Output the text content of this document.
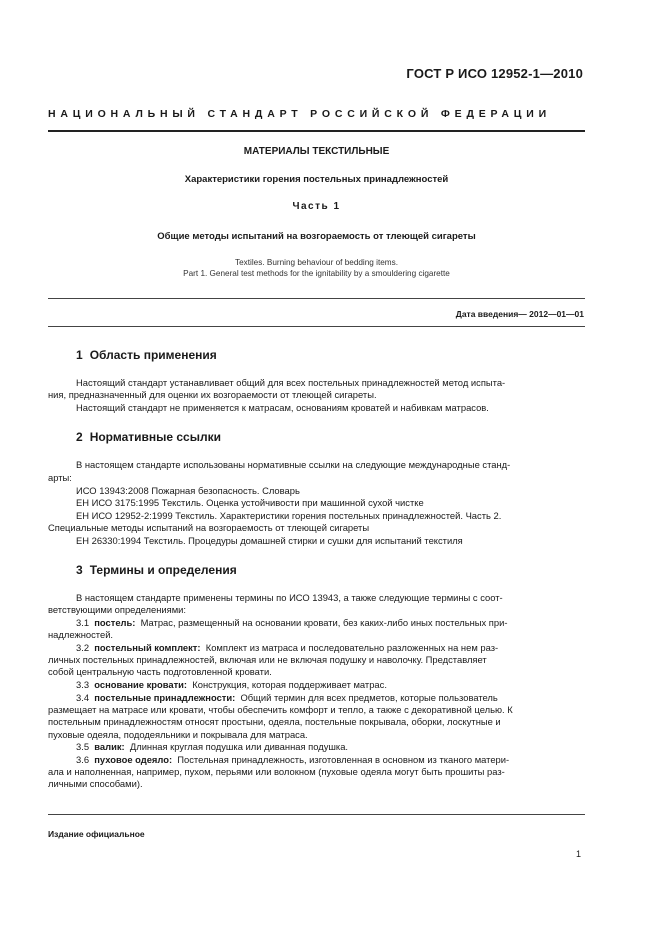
ГОСТ Р ИСО 12952-1—2010
НАЦИОНАЛЬНЫЙ СТАНДАРТ РОССИЙСКОЙ ФЕДЕРАЦИИ
МАТЕРИАЛЫ ТЕКСТИЛЬНЫЕ
Характеристики горения постельных принадлежностей
Часть 1
Общие методы испытаний на возгораемость от тлеющей сигареты
Textiles. Burning behaviour of bedding items.
Part 1. General test methods for the ignitability by a smouldering cigarette
Дата введения— 2012—01—01
1 Область применения
Настоящий стандарт устанавливает общий для всех постельных принадлежностей метод испыта-
ния, предназначенный для оценки их возгораемости от тлеющей сигареты.
Настоящий стандарт не применяется к матрасам, основаниям кроватей и набивкам матрасов.
2 Нормативные ссылки
В настоящем стандарте использованы нормативные ссылки на следующие международные станд-
арты:
ИСО 13943:2008 Пожарная безопасность. Словарь
ЕН ИСО 3175:1995 Текстиль. Оценка устойчивости при машинной сухой чистке
ЕН ИСО 12952-2:1999 Текстиль. Характеристики горения постельных принадлежностей. Часть 2.
Специальные методы испытаний на возгораемость от тлеющей сигареты
ЕН 26330:1994 Текстиль. Процедуры домашней стирки и сушки для испытаний текстиля
3 Термины и определения
В настоящем стандарте применены термины по ИСО 13943, а также следующие термины с соот-
ветствующими определениями:
3.1 постель: Матрас, размещенный на основании кровати, без каких-либо иных постельных при-
надлежностей.
3.2 постельный комплект: Комплект из матраса и последовательно разложенных на нем раз-
личных постельных принадлежностей, включая или не включая подушку и наволочку. Представляет
собой центральную часть подготовленной кровати.
3.3 основание кровати: Конструкция, которая поддерживает матрас.
3.4 постельные принадлежности: Общий термин для всех предметов, которые пользователь
размещает на матрасе или кровати, чтобы обеспечить комфорт и тепло, а также с декоративной целью. К
постельным принадлежностям относят простыни, одеяла, постельные покрывала, оборки, лоскутные и
пуховые одеяла, пододеяльники и покрывала для матраса.
3.5 валик: Длинная круглая подушка или диванная подушка.
3.6 пуховое одеяло: Постельная принадлежность, изготовленная в основном из тканого матери-
ала и наполненная, например, пухом, перьями или волокном (пуховые одеяла могут быть прошиты раз-
личными способами).
Издание официальное
1
